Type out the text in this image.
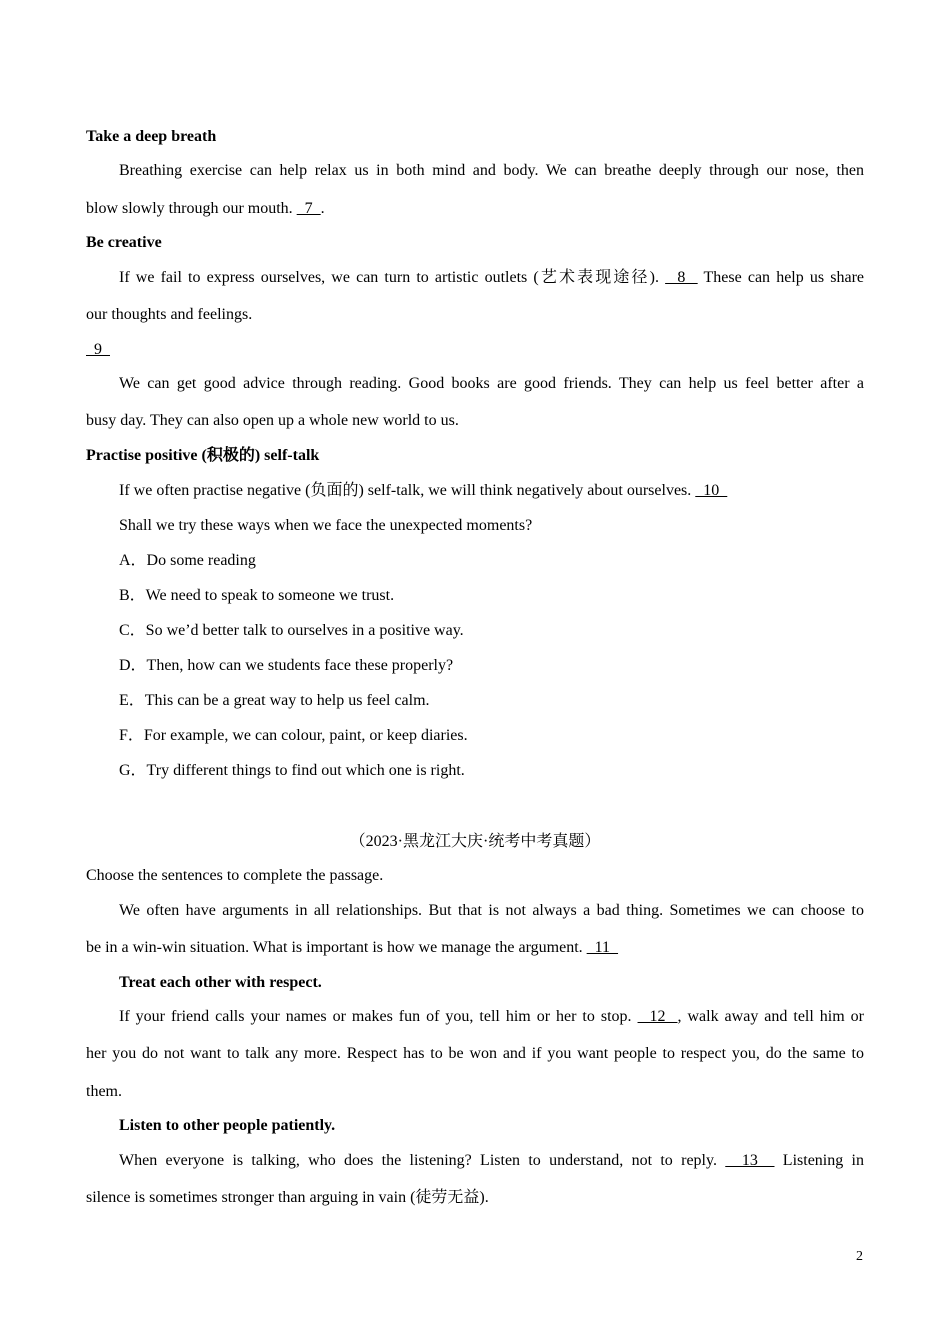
Take a deep breath
Breathing exercise can help relax us in both mind and body. We can breathe deeply through our nose, then
blow slowly through our mouth.   7  .
Be creative
If we fail to express ourselves, we can turn to artistic outlets (艺术表现途径).   8   These can help us share
our thoughts and feelings.
9
We can get good advice through reading. Good books are good friends. They can help us feel better after a
busy day. They can also open up a whole new world to us.
Practise positive (积极的) self-talk
If we often practise negative (负面的) self-talk, we will think negatively about ourselves.   10
Shall we try these ways when we face the unexpected moments?
A．Do some reading
B．We need to speak to someone we trust.
C．So we’d better talk to ourselves in a positive way.
D．Then, how can we students face these properly?
E．This can be a great way to help us feel calm.
F．For example, we can colour, paint, or keep diaries.
G．Try different things to find out which one is right.
（2023·黑龙江大庆·统考中考真题）
Choose the sentences to complete the passage.
We often have arguments in all relationships. But that is not always a bad thing. Sometimes we can choose to
be in a win-win situation. What is important is how we manage the argument.   11
Treat each other with respect.
If your friend calls your names or makes fun of you, tell him or her to stop.   12  , walk away and tell him or
her you do not want to talk any more. Respect has to be won and if you want people to respect you, do the same to
them.
Listen to other people patiently.
When everyone is talking, who does the listening? Listen to understand, not to reply.   13   Listening in
silence is sometimes stronger than arguing in vain (徒劳无益).
2
